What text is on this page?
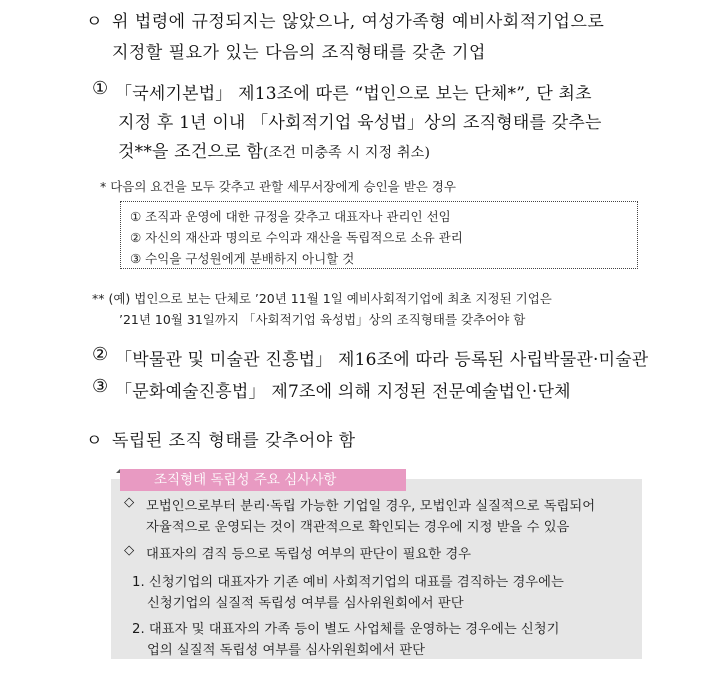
ㅇ 위 법령에 규정되지는 않았으나, 여성가족형 예비사회적기업으로
지정할 필요가 있는 다음의 조직형태를 갖춘 기업
① 「국세기본법」 제13조에 따른 “법인으로 보는 단체*”, 단 최초
지정 후 1년 이내 「사회적기업 육성법」상의 조직형태를 갖추는
것**을 조건으로 함(조건 미충족 시 지정 취소)
* 다음의 요건을 모두 갖추고 관할 세무서장에게 승인을 받은 경우
① 조직과 운영에 대한 규정을 갖추고 대표자나 관리인 선임
② 자신의 재산과 명의로 수익과 재산을 독립적으로 소유 관리
③ 수익을 구성원에게 분배하지 아니할 것
** (예) 법인으로 보는 단체로 ’20년 11월 1일 예비사회적기업에 최초 지정된 기업은
’21년 10월 31일까지 「사회적기업 육성법」상의 조직형태를 갖추어야 함
② 「박물관 및 미술관 진흥법」 제16조에 따라 등록된 사립박물관·미술관
③ 「문화예술진흥법」 제7조에 의해 지정된 전문예술법인·단체
ㅇ 독립된 조직 형태를 갖추어야 함
조직형태 독립성 주요 심사사항
◇ 모법인으로부터 분리·독립 가능한 기업일 경우, 모법인과 실질적으로 독립되어
자율적으로 운영되는 것이 객관적으로 확인되는 경우에 지정 받을 수 있음
◇ 대표자의 겸직 등으로 독립성 여부의 판단이 필요한 경우
1. 신청기업의 대표자가 기존 예비 사회적기업의 대표를 겸직하는 경우에는
신청기업의 실질적 독립성 여부를 심사위원회에서 판단
2. 대표자 및 대표자의 가족 등이 별도 사업체를 운영하는 경우에는 신청기
업의 실질적 독립성 여부를 심사위원회에서 판단
